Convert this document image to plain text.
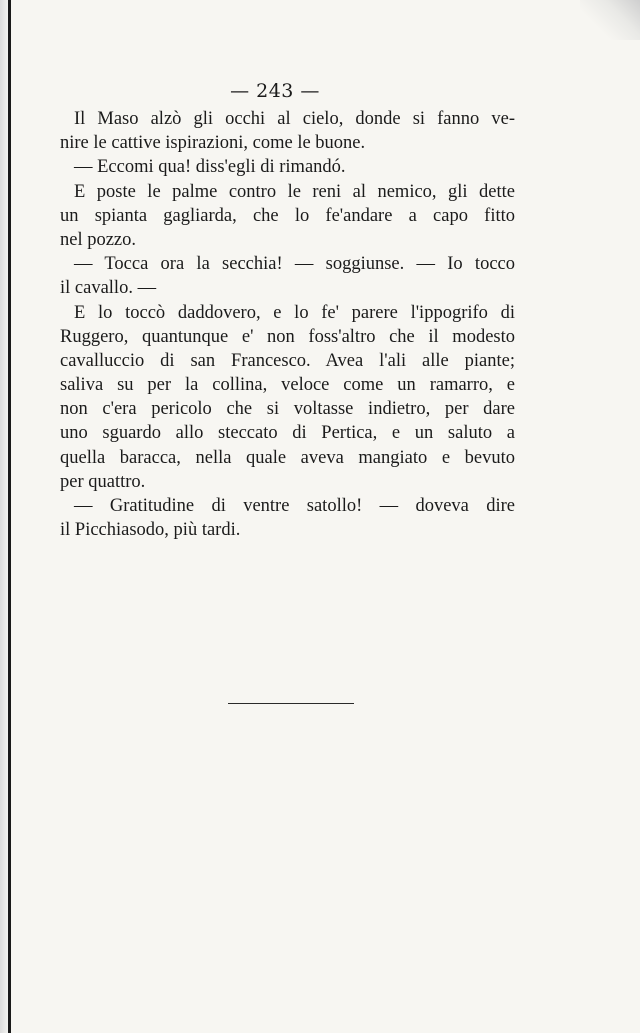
— 243 —
Il Maso alzò gli occhi al cielo, donde si fanno ve-
nire le cattive ispirazioni, come le buone.
— Eccomi qua! diss'egli di rimandó.
E poste le palme contro le reni al nemico, gli dette
un spianta gagliarda, che lo fe'andare a capo fitto
nel pozzo.
— Tocca ora la secchia! — soggiunse. — Io tocco
il cavallo. —
E lo toccò daddovero, e lo fe' parere l'ippogrifo di
Ruggero, quantunque e' non foss'altro che il modesto
cavalluccio di san Francesco. Avea l'ali alle piante;
saliva su per la collina, veloce come un ramarro, e
non c'era pericolo che si voltasse indietro, per dare
uno sguardo allo steccato di Pertica, e un saluto a
quella baracca, nella quale aveva mangiato e bevuto
per quattro.
— Gratitudine di ventre satollo! — doveva dire
il Picchiasodo, più tardi.
